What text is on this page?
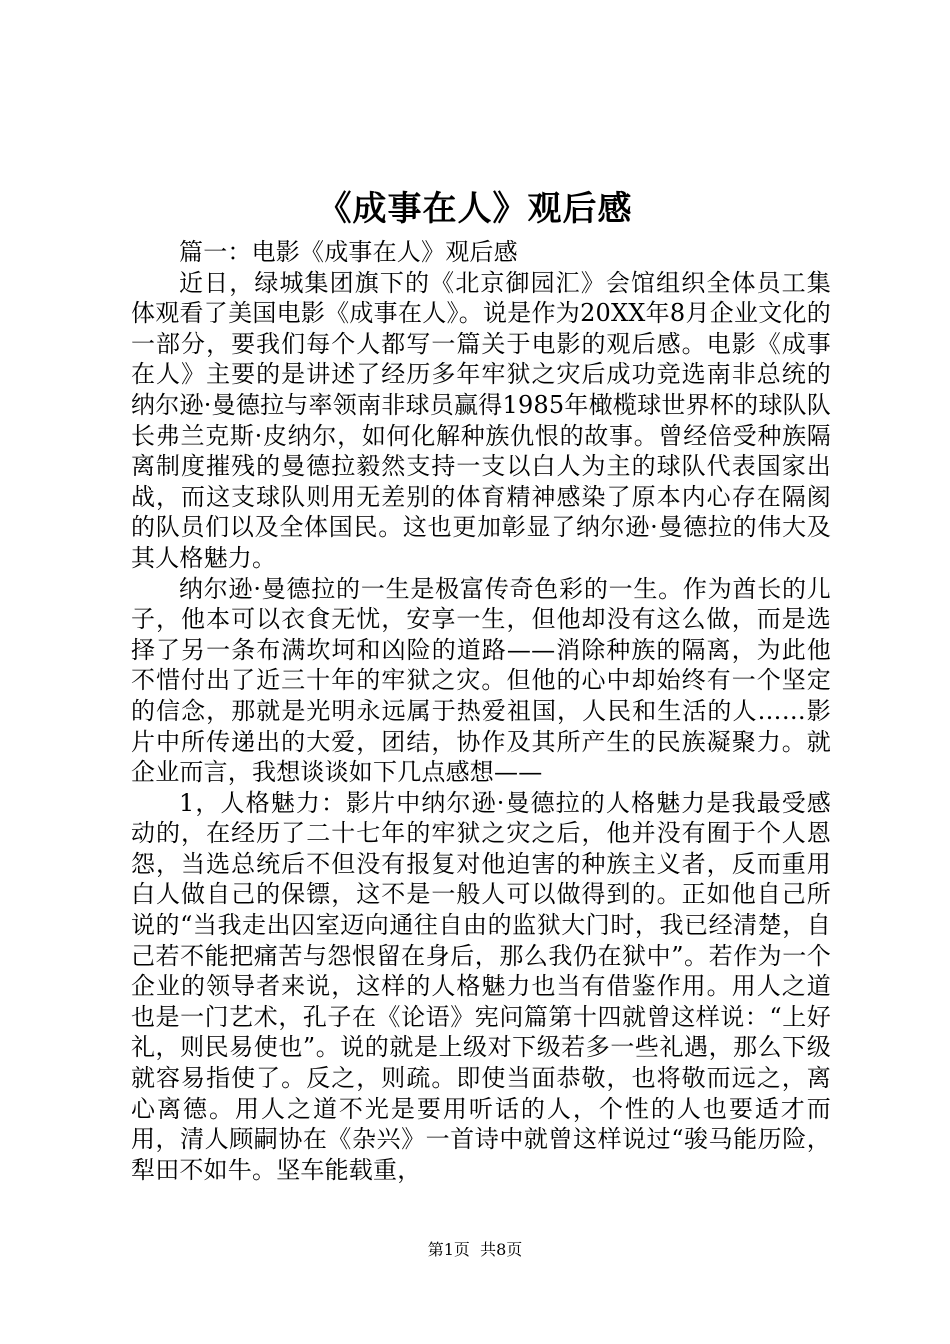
《成事在人》观后感

篇一：电影《成事在人》观后感

近日，绿城集团旗下的《北京御园汇》会馆组织全体员工集体观看了美国电影《成事在人》。说是作为20XX年8月企业文化的一部分，要我们每个人都写一篇关于电影的观后感。电影《成事在人》主要的是讲述了经历多年牢狱之灾后成功竞选南非总统的纳尔逊·曼德拉与率领南非球员赢得1985年橄榄球世界杯的球队队长弗兰克斯·皮纳尔，如何化解种族仇恨的故事。曾经倍受种族隔离制度摧残的曼德拉毅然支持一支以白人为主的球队代表国家出战，而这支球队则用无差别的体育精神感染了原本内心存在隔阂的队员们以及全体国民。这也更加彰显了纳尔逊·曼德拉的伟大及其人格魅力。

纳尔逊·曼德拉的一生是极富传奇色彩的一生。作为酋长的儿子，他本可以衣食无忧，安享一生，但他却没有这么做，而是选择了另一条布满坎坷和凶险的道路——消除种族的隔离，为此他不惜付出了近三十年的牢狱之灾。但他的心中却始终有一个坚定的信念，那就是光明永远属于热爱祖国，人民和生活的人……影片中所传递出的大爱，团结，协作及其所产生的民族凝聚力。就企业而言，我想谈谈如下几点感想——

1，人格魅力：影片中纳尔逊·曼德拉的人格魅力是我最受感动的，在经历了二十七年的牢狱之灾之后，他并没有囿于个人恩怨，当选总统后不但没有报复对他迫害的种族主义者，反而重用白人做自己的保镖，这不是一般人可以做得到的。正如他自己所说的“当我走出囚室迈向通往自由的监狱大门时，我已经清楚，自己若不能把痛苦与怨恨留在身后，那么我仍在狱中”。若作为一个企业的领导者来说，这样的人格魅力也当有借鉴作用。用人之道也是一门艺术，孔子在《论语》宪问篇第十四就曾这样说：“上好礼，则民易使也”。说的就是上级对下级若多一些礼遇，那么下级就容易指使了。反之，则疏。即使当面恭敬，也将敬而远之，离心离德。用人之道不光是要用听话的人，个性的人也要适才而用，清人顾嗣协在《杂兴》一首诗中就曾这样说过“骏马能历险，犁田不如牛。坚车能载重，

第1页  共8页
